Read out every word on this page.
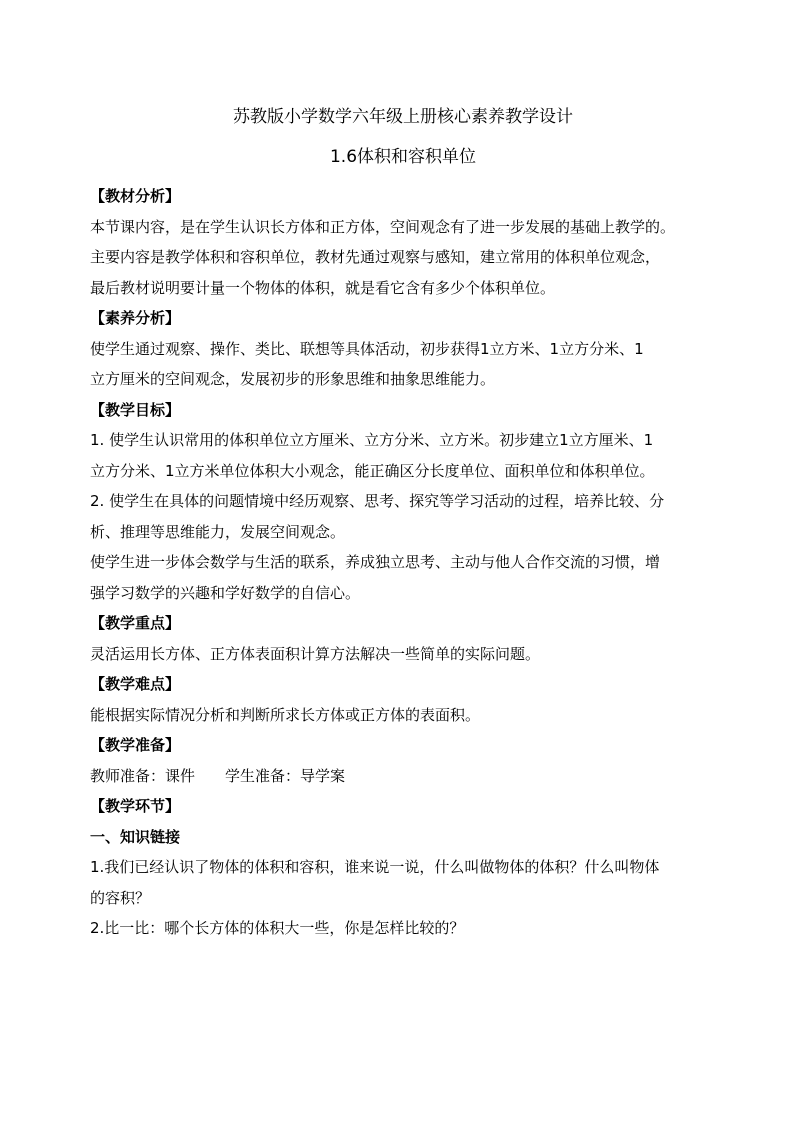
苏教版小学数学六年级上册核心素养教学设计
1.6体积和容积单位
【教材分析】
本节课内容，是在学生认识长方体和正方体，空间观念有了进一步发展的基础上教学的。
主要内容是教学体积和容积单位，教材先通过观察与感知，建立常用的体积单位观念，
最后教材说明要计量一个物体的体积，就是看它含有多少个体积单位。
【素养分析】
使学生通过观察、操作、类比、联想等具体活动，初步获得1立方米、1立方分米、1
立方厘米的空间观念，发展初步的形象思维和抽象思维能力。
【教学目标】
1. 使学生认识常用的体积单位立方厘米、立方分米、立方米。初步建立1立方厘米、1
立方分米、1立方米单位体积大小观念，能正确区分长度单位、面积单位和体积单位。
2. 使学生在具体的问题情境中经历观察、思考、探究等学习活动的过程，培养比较、分
析、推理等思维能力，发展空间观念。
使学生进一步体会数学与生活的联系，养成独立思考、主动与他人合作交流的习惯，增
强学习数学的兴趣和学好数学的自信心。
【教学重点】
灵活运用长方体、正方体表面积计算方法解决一些简单的实际问题。
【教学难点】
能根据实际情况分析和判断所求长方体或正方体的表面积。
【教学准备】
教师准备：课件　　学生准备：导学案
【教学环节】
一、知识链接
1.我们已经认识了物体的体积和容积，谁来说一说，什么叫做物体的体积？什么叫物体
的容积？
2.比一比：哪个长方体的体积大一些，你是怎样比较的？
